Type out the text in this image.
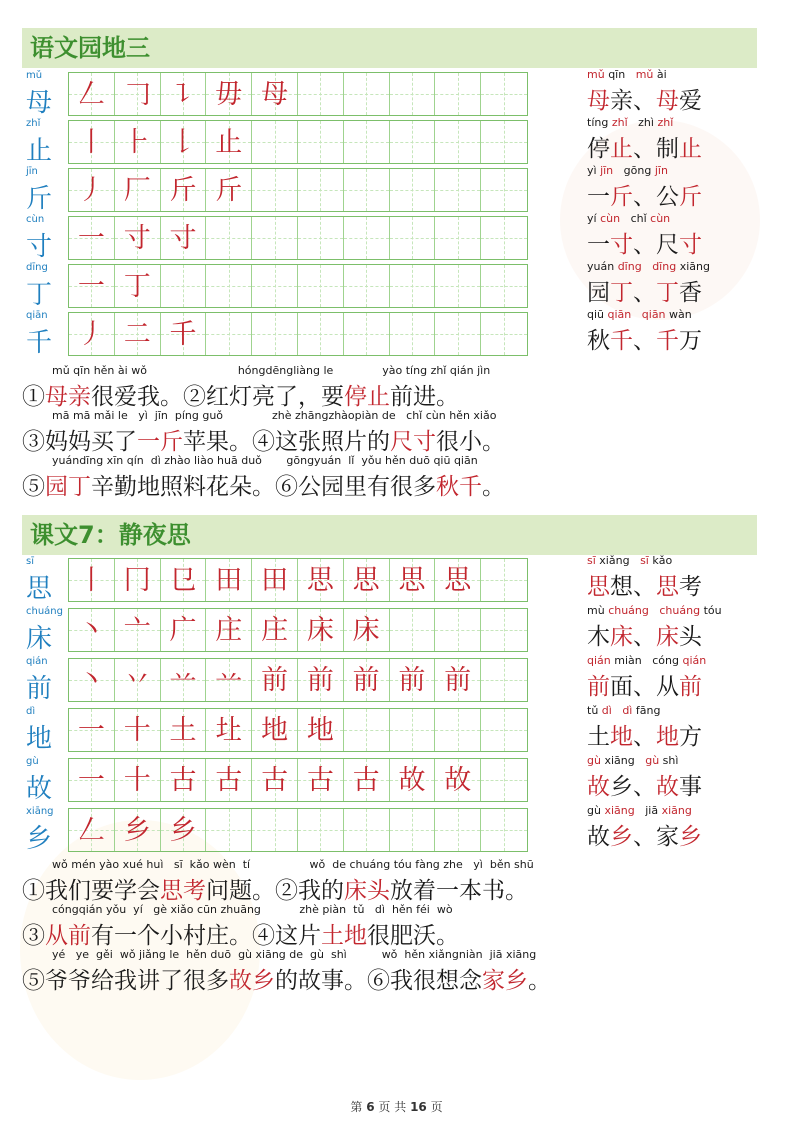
语文园地三
mǔ
母 𠃋 𠃌 ㇊ 毋 母
mǔ qīn mǔ ài
母亲、母爱
zhǐ
止 丨 ⺊ 𠄌 止
tíng zhǐ zhì zhǐ
停止、制止
jīn
斤 丿 厂 斤 斤
yì jīn gōng jīn
一斤、公斤
cùn
寸 一 寸 寸
yí cùn chǐ cùn
一寸、尺寸
dīng
丁 一 丁
yuán dīng dīng xiāng
园丁、丁香
qiān
千 丿 二 千
qiū qiān qiān wàn
秋千、千万
mǔ qīn hěn ài wǒ                          hóngdēngliàng le              yào tíng zhǐ qián jìn
①母亲很爱我。②红灯亮了，要停止前进。
mā mā mǎi le   yì  jīn  píng guǒ              zhè zhāngzhàopiàn de   chǐ cùn hěn xiǎo
③妈妈买了一斤苹果。④这张照片的尺寸很小。
yuándīng xīn qín  dì zhào liào huā duǒ       gōngyuán  lǐ  yǒu hěn duō qiū qiān
⑤园丁辛勤地照料花朵。⑥公园里有很多秋千。
课文7：静夜思
sī
思 丨 冂 㔾 田 田 思 思 思 思
sī xiǎng sī kǎo
思想、思考
chuáng
床 丶 亠 广 庄 庄 床 床
mù chuáng chuáng tóu
木床、床头
qián
前 丶 丷 䒑 䒑 前 前 前 前 前
qián miàn cóng qián
前面、从前
dì
地 一 十 土 圵 地 地
tǔ dì dì fāng
土地、地方
gù
故 一 十 古 古 古 古 古 故 故
gù xiāng gù shì
故乡、故事
xiāng
乡 𠃋 乡 乡
gù xiāng jiā xiāng
故乡、家乡
wǒ mén yào xué huì   sī  kǎo wèn  tí                 wǒ  de chuáng tóu fàng zhe   yì  běn shū
①我们要学会思考问题。②我的床头放着一本书。
cóngqián yǒu  yí   gè xiǎo cūn zhuāng           zhè piàn  tǔ   dì  hěn féi  wò
③从前有一个小村庄。④这片土地很肥沃。
yé   ye  gěi  wǒ jiǎng le  hěn duō  gù xiāng de  gù  shì          wǒ  hěn xiǎngniàn  jiā xiāng
⑤爷爷给我讲了很多故乡的故事。⑥我很想念家乡。
第 6 页 共 16 页
